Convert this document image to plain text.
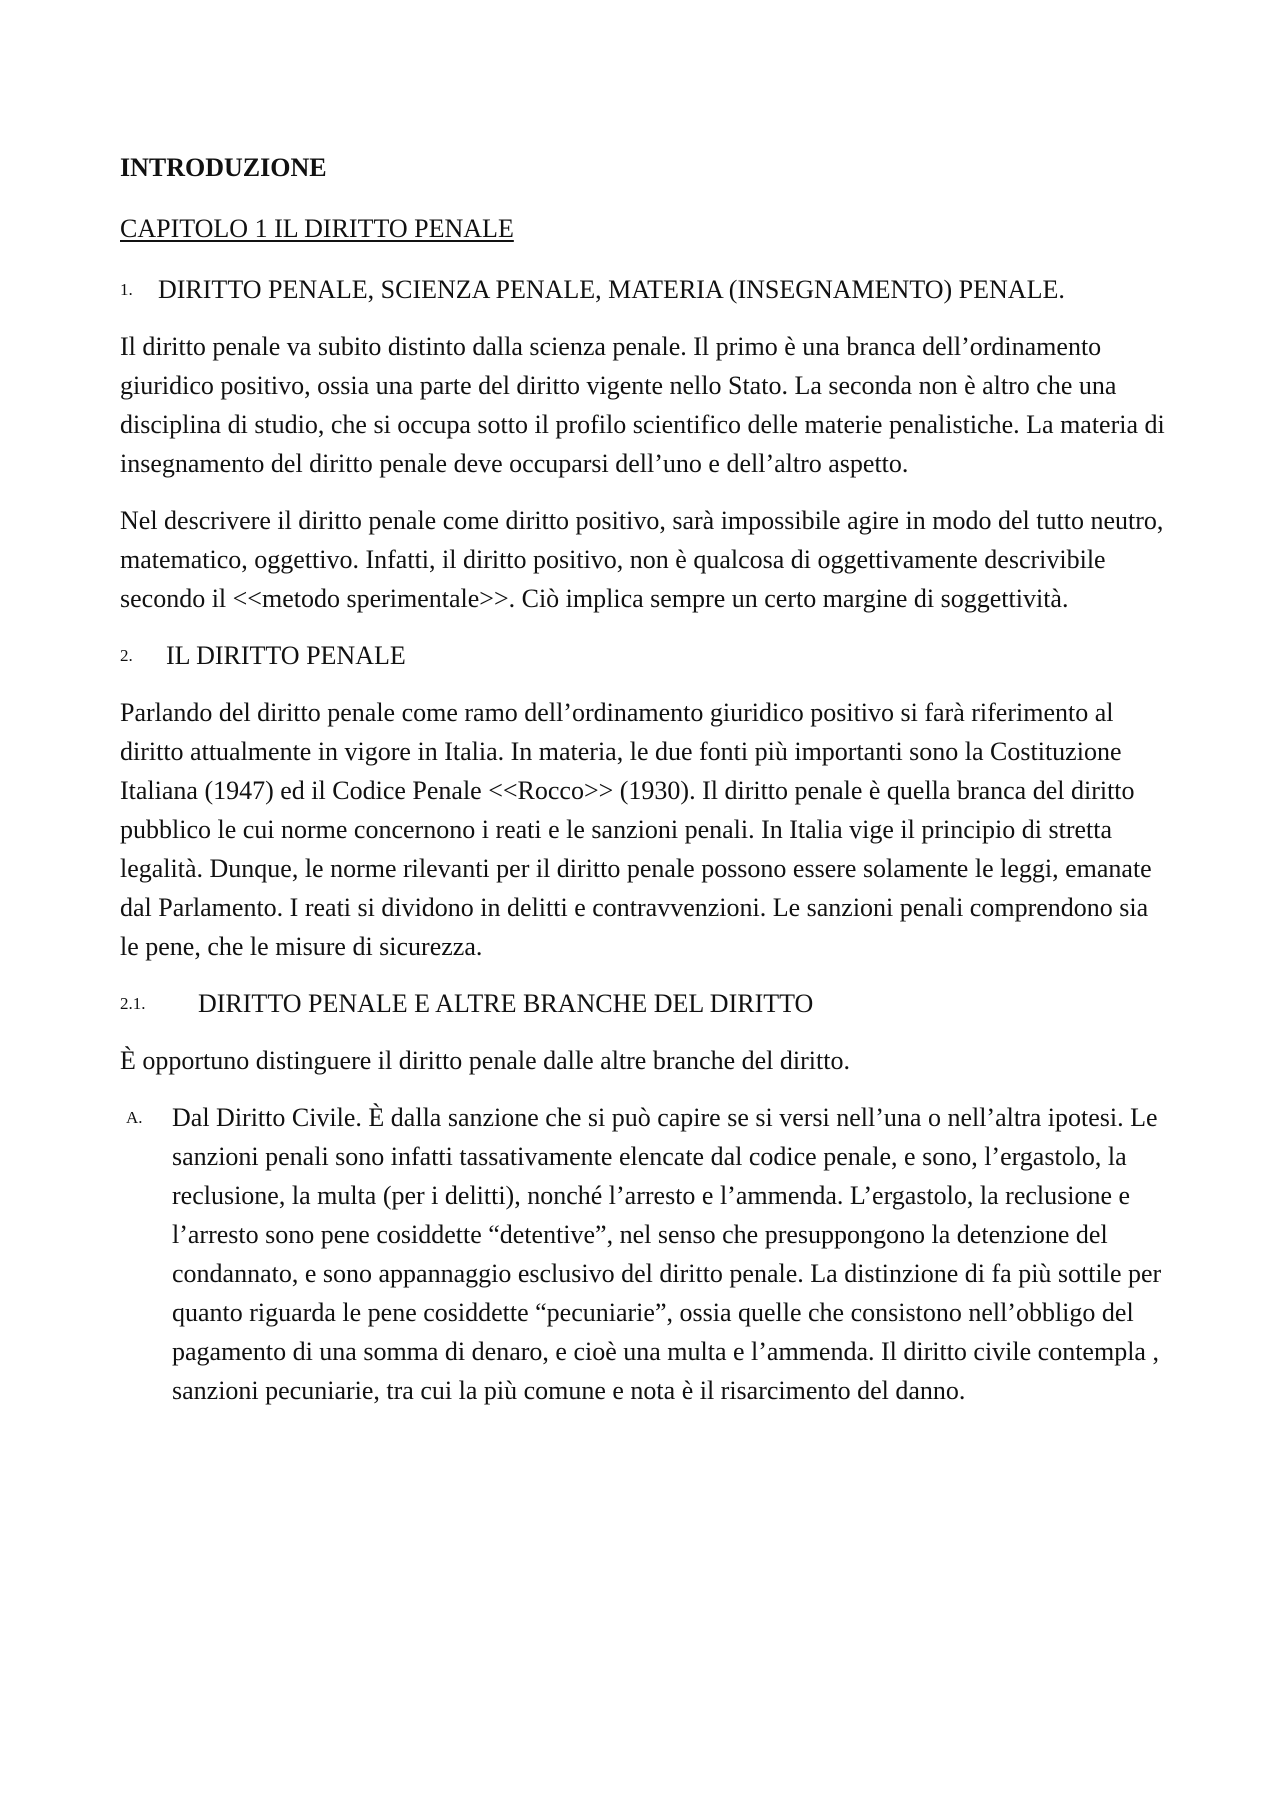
INTRODUZIONE
CAPITOLO 1 IL DIRITTO PENALE
1. DIRITTO PENALE, SCIENZA PENALE, MATERIA (INSEGNAMENTO) PENALE.

Il diritto penale va subito distinto dalla scienza penale. Il primo è una branca dell’ordinamento giuridico positivo, ossia una parte del diritto vigente nello Stato. La seconda non è altro che una disciplina di studio, che si occupa sotto il profilo scientifico delle materie penalistiche. La materia di insegnamento del diritto penale deve occuparsi dell’uno e dell’altro aspetto.

Nel descrivere il diritto penale come diritto positivo, sarà impossibile agire in modo del tutto neutro, matematico, oggettivo. Infatti, il diritto positivo, non è qualcosa di oggettivamente descrivibile secondo il <<metodo sperimentale>>. Ciò implica sempre un certo margine di soggettività.

2.	IL DIRITTO PENALE

Parlando del diritto penale come ramo dell’ordinamento giuridico positivo si farà riferimento al diritto attualmente in vigore in Italia. In materia, le due fonti più importanti sono la Costituzione Italiana (1947) ed il Codice Penale <<Rocco>> (1930). Il diritto penale è quella branca del diritto pubblico le cui norme concernono i reati e le sanzioni penali. In Italia vige il principio di stretta legalità. Dunque, le norme rilevanti per il diritto penale possono essere solamente le leggi, emanate dal Parlamento. I reati si dividono in delitti e contravvenzioni. Le sanzioni penali comprendono sia le pene, che le misure di sicurezza.

2.1.	DIRITTO PENALE E ALTRE BRANCHE DEL DIRITTO

È opportuno distinguere il diritto penale dalle altre branche del diritto.

A.	Dal Diritto Civile. È dalla sanzione che si può capire se si versi nell’una o nell’altra ipotesi. Le sanzioni penali sono infatti tassativamente elencate dal codice penale, e sono, l’ergastolo, la reclusione, la multa (per i delitti), nonché l’arresto e l’ammenda. L’ergastolo, la reclusione e l’arresto sono pene cosiddette “detentive”, nel senso che presuppongono la detenzione del condannato, e sono appannaggio esclusivo del diritto penale. La distinzione di fa più sottile per quanto riguarda le pene cosiddette “pecuniarie”, ossia quelle che consistono nell’obbligo del pagamento di una somma di denaro, e cioè una multa e l’ammenda. Il diritto civile contempla , sanzioni pecuniarie, tra cui la più comune e nota è il risarcimento del danno.
